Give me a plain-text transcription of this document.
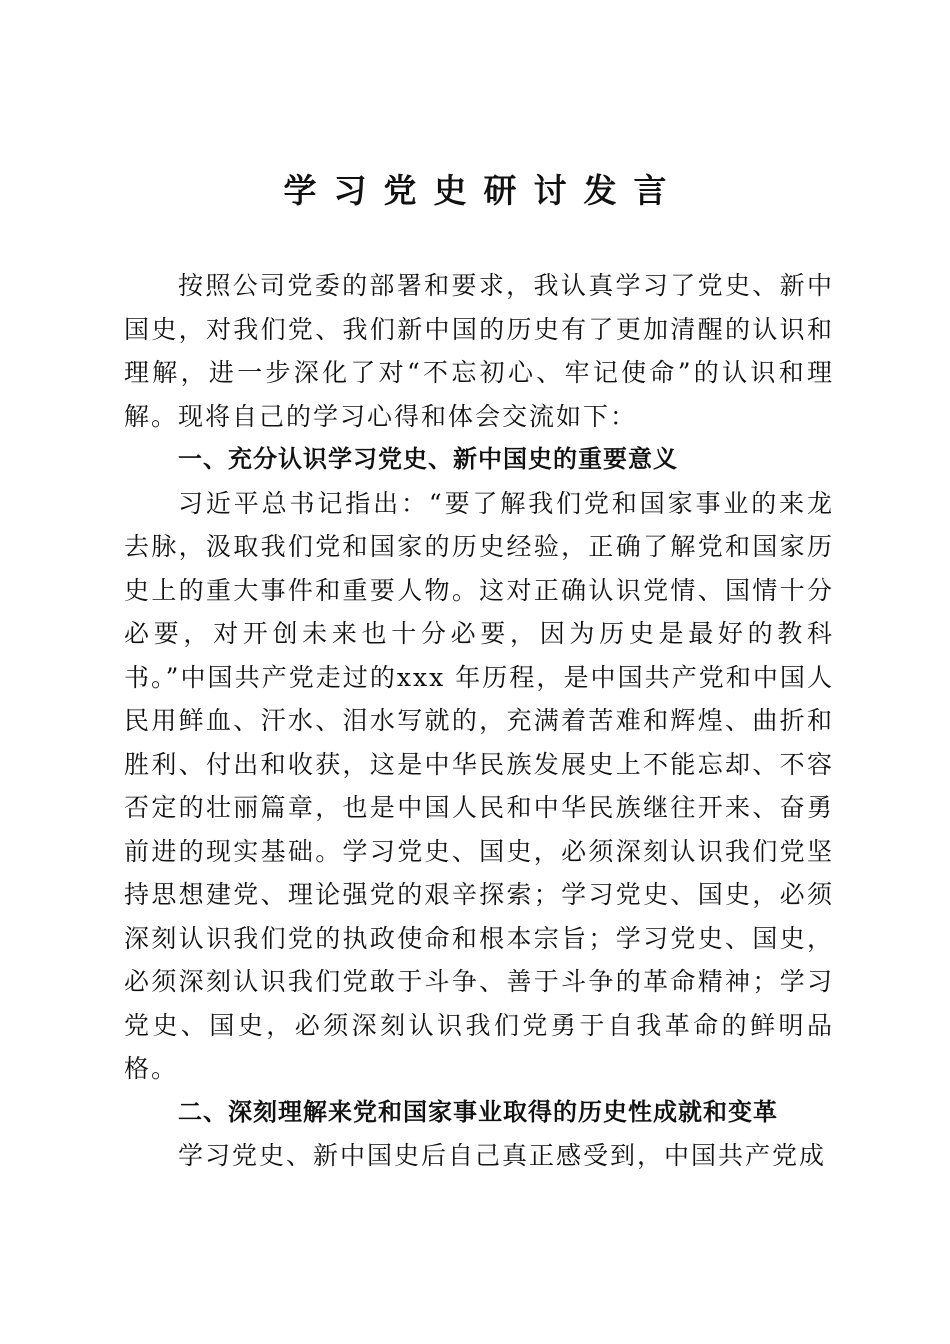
学习党史研讨发言

按照公司党委的部署和要求，我认真学习了党史、新中国史，对我们党、我们新中国的历史有了更加清醒的认识和理解，进一步深化了对“不忘初心、牢记使命”的认识和理解。现将自己的学习心得和体会交流如下：

一、充分认识学习党史、新中国史的重要意义

习近平总书记指出：“要了解我们党和国家事业的来龙去脉，汲取我们党和国家的历史经验，正确了解党和国家历史上的重大事件和重要人物。这对正确认识党情、国情十分必要，对开创未来也十分必要，因为历史是最好的教科书。”中国共产党走过的xxx 年历程，是中国共产党和中国人民用鲜血、汗水、泪水写就的，充满着苦难和辉煌、曲折和胜利、付出和收获，这是中华民族发展史上不能忘却、不容否定的壮丽篇章，也是中国人民和中华民族继往开来、奋勇前进的现实基础。学习党史、国史，必须深刻认识我们党坚持思想建党、理论强党的艰辛探索；学习党史、国史，必须深刻认识我们党的执政使命和根本宗旨；学习党史、国史，必须深刻认识我们党敢于斗争、善于斗争的革命精神；学习党史、国史，必须深刻认识我们党勇于自我革命的鲜明品格。

二、深刻理解来党和国家事业取得的历史性成就和变革

学习党史、新中国史后自己真正感受到，中国共产党成
